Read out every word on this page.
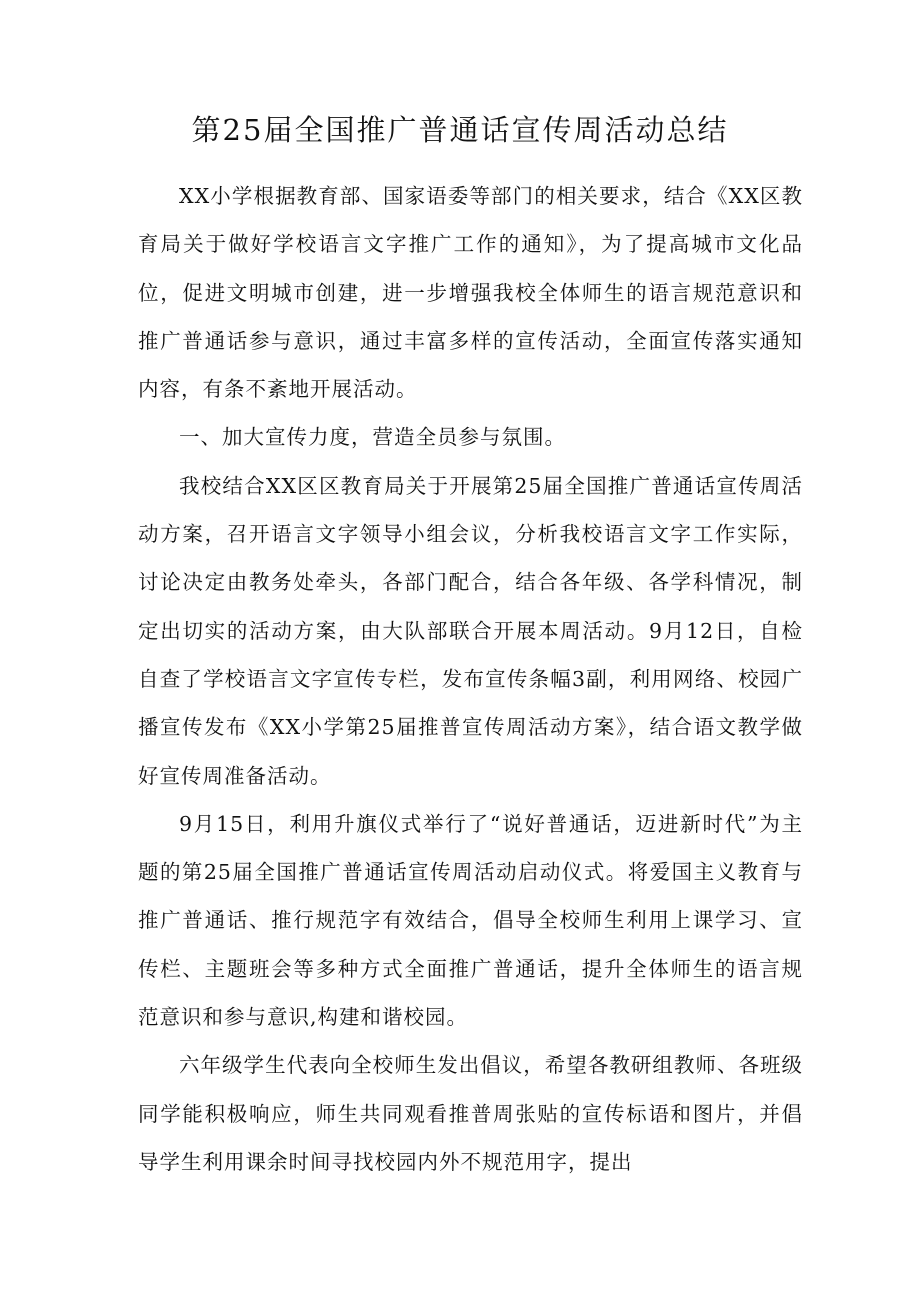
第25届全国推广普通话宣传周活动总结

XX小学根据教育部、国家语委等部门的相关要求，结合《XX区教育局关于做好学校语言文字推广工作的通知》，为了提高城市文化品位，促进文明城市创建，进一步增强我校全体师生的语言规范意识和推广普通话参与意识，通过丰富多样的宣传活动，全面宣传落实通知内容，有条不紊地开展活动。

一、加大宣传力度，营造全员参与氛围。

我校结合XX区区教育局关于开展第25届全国推广普通话宣传周活动方案，召开语言文字领导小组会议，分析我校语言文字工作实际，讨论决定由教务处牵头，各部门配合，结合各年级、各学科情况，制定出切实的活动方案，由大队部联合开展本周活动。9月12日，自检自查了学校语言文字宣传专栏，发布宣传条幅3副，利用网络、校园广播宣传发布《XX小学第25届推普宣传周活动方案》，结合语文教学做好宣传周准备活动。

9月15日，利用升旗仪式举行了“说好普通话，迈进新时代”为主题的第25届全国推广普通话宣传周活动启动仪式。将爱国主义教育与推广普通话、推行规范字有效结合，倡导全校师生利用上课学习、宣传栏、主题班会等多种方式全面推广普通话，提升全体师生的语言规范意识和参与意识,构建和谐校园。

六年级学生代表向全校师生发出倡议，希望各教研组教师、各班级同学能积极响应，师生共同观看推普周张贴的宣传标语和图片，并倡导学生利用课余时间寻找校园内外不规范用字，提出
